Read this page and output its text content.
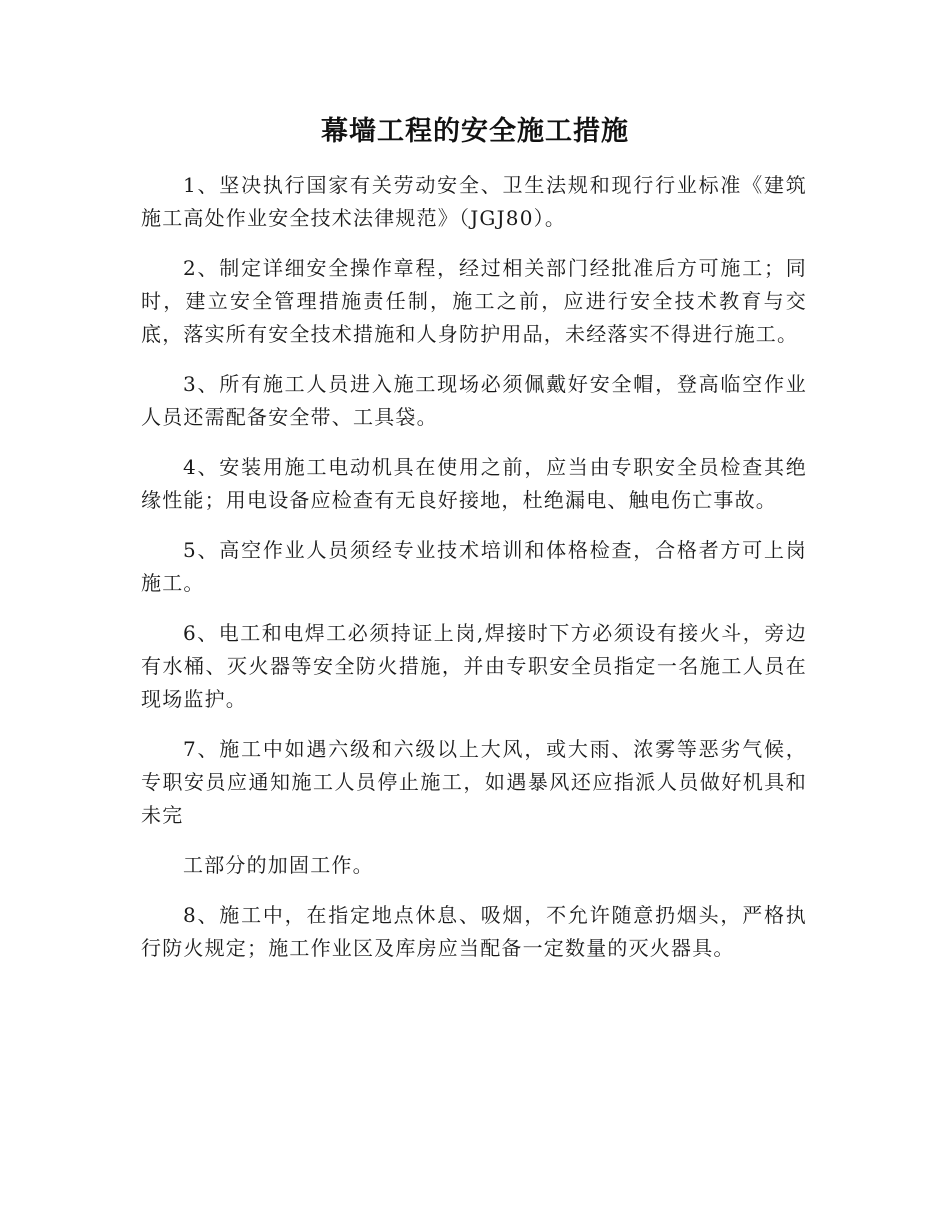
幕墙工程的安全施工措施

1、坚决执行国家有关劳动安全、卫生法规和现行行业标准《建筑施工高处作业安全技术法律规范》（JGJ80）。

2、制定详细安全操作章程，经过相关部门经批准后方可施工；同时，建立安全管理措施责任制，施工之前，应进行安全技术教育与交底，落实所有安全技术措施和人身防护用品，未经落实不得进行施工。

3、所有施工人员进入施工现场必须佩戴好安全帽，登高临空作业人员还需配备安全带、工具袋。

4、安装用施工电动机具在使用之前，应当由专职安全员检查其绝缘性能；用电设备应检查有无良好接地，杜绝漏电、触电伤亡事故。

5、高空作业人员须经专业技术培训和体格检查，合格者方可上岗施工。

6、电工和电焊工必须持证上岗,焊接时下方必须设有接火斗，旁边有水桶、灭火器等安全防火措施，并由专职安全员指定一名施工人员在现场监护。

7、施工中如遇六级和六级以上大风，或大雨、浓雾等恶劣气候，专职安员应通知施工人员停止施工，如遇暴风还应指派人员做好机具和未完

工部分的加固工作。

8、施工中，在指定地点休息、吸烟，不允许随意扔烟头，严格执行防火规定；施工作业区及库房应当配备一定数量的灭火器具。
